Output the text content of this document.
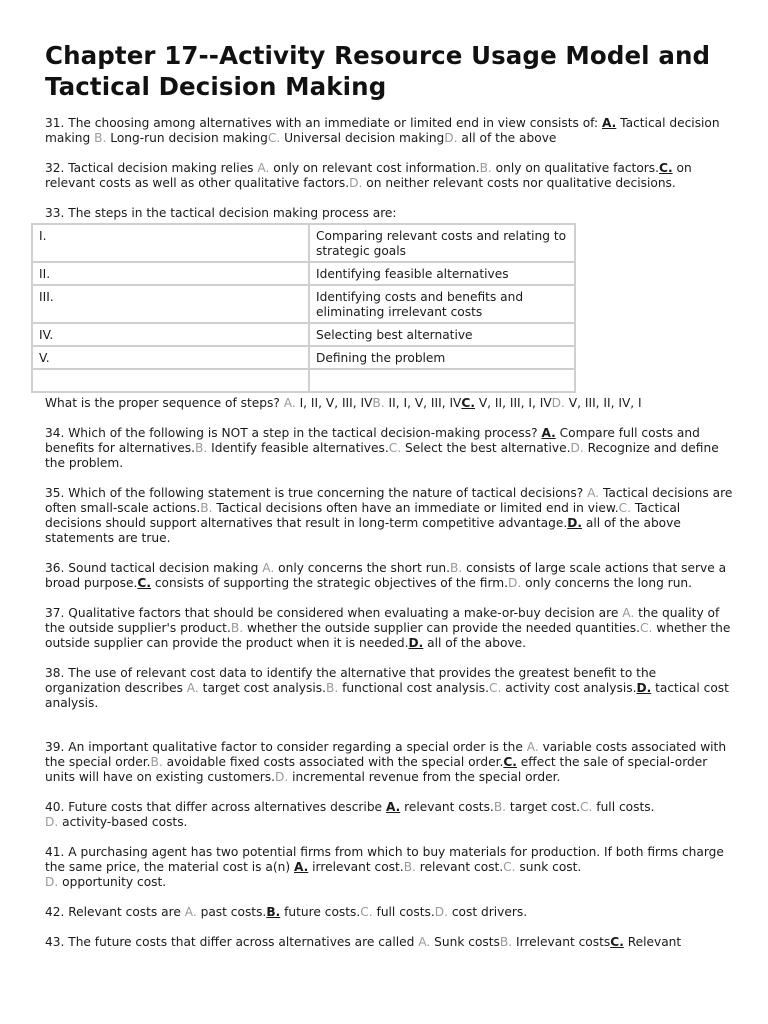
Chapter 17--Activity Resource Usage Model and Tactical Decision Making

31. The choosing among alternatives with an immediate or limited end in view consists of: A. Tactical decision making B. Long-run decision makingC. Universal decision makingD. all of the above

32. Tactical decision making relies A. only on relevant cost information.B. only on qualitative factors.C. on relevant costs as well as other qualitative factors.D. on neither relevant costs nor qualitative decisions.

33. The steps in the tactical decision making process are:

I.	Comparing relevant costs and relating to strategic goals
II.	Identifying feasible alternatives
III.	Identifying costs and benefits and eliminating irrelevant costs
IV.	Selecting best alternative
V.	Defining the problem

What is the proper sequence of steps? A. I, II, V, III, IVB. II, I, V, III, IVC. V, II, III, I, IVD. V, III, II, IV, I

34. Which of the following is NOT a step in the tactical decision-making process? A. Compare full costs and benefits for alternatives.B. Identify feasible alternatives.C. Select the best alternative.D. Recognize and define the problem.

35. Which of the following statement is true concerning the nature of tactical decisions? A. Tactical decisions are often small-scale actions.B. Tactical decisions often have an immediate or limited end in view.C. Tactical decisions should support alternatives that result in long-term competitive advantage.D. all of the above statements are true.

36. Sound tactical decision making A. only concerns the short run.B. consists of large scale actions that serve a broad purpose.C. consists of supporting the strategic objectives of the firm.D. only concerns the long run.

37. Qualitative factors that should be considered when evaluating a make-or-buy decision are A. the quality of the outside supplier's product.B. whether the outside supplier can provide the needed quantities.C. whether the outside supplier can provide the product when it is needed.D. all of the above.

38. The use of relevant cost data to identify the alternative that provides the greatest benefit to the organization describes A. target cost analysis.B. functional cost analysis.C. activity cost analysis.D. tactical cost analysis.

39. An important qualitative factor to consider regarding a special order is the A. variable costs associated with the special order.B. avoidable fixed costs associated with the special order.C. effect the sale of special-order units will have on existing customers.D. incremental revenue from the special order.

40. Future costs that differ across alternatives describe A. relevant costs.B. target cost.C. full costs.
D. activity-based costs.

41. A purchasing agent has two potential firms from which to buy materials for production. If both firms charge the same price, the material cost is a(n) A. irrelevant cost.B. relevant cost.C. sunk cost.
D. opportunity cost.

42. Relevant costs are A. past costs.B. future costs.C. full costs.D. cost drivers.

43. The future costs that differ across alternatives are called A. Sunk costsB. Irrelevant costsC. Relevant
